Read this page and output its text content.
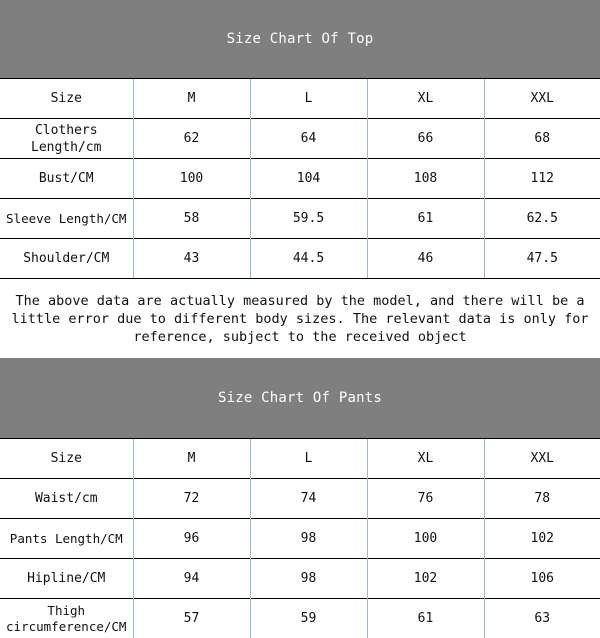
Size Chart Of Top
Size	M	L	XL	XXL
Clothers Length/cm	62	64	66	68
Bust/CM	100	104	108	112
Sleeve Length/CM	58	59.5	61	62.5
Shoulder/CM	43	44.5	46	47.5
The above data are actually measured by the model, and there will be a little error due to different body sizes. The relevant data is only for reference, subject to the received object
Size Chart Of Pants
Size	M	L	XL	XXL
Waist/cm	72	74	76	78
Pants Length/CM	96	98	100	102
Hipline/CM	94	98	102	106
Thigh circumference/CM	57	59	61	63
